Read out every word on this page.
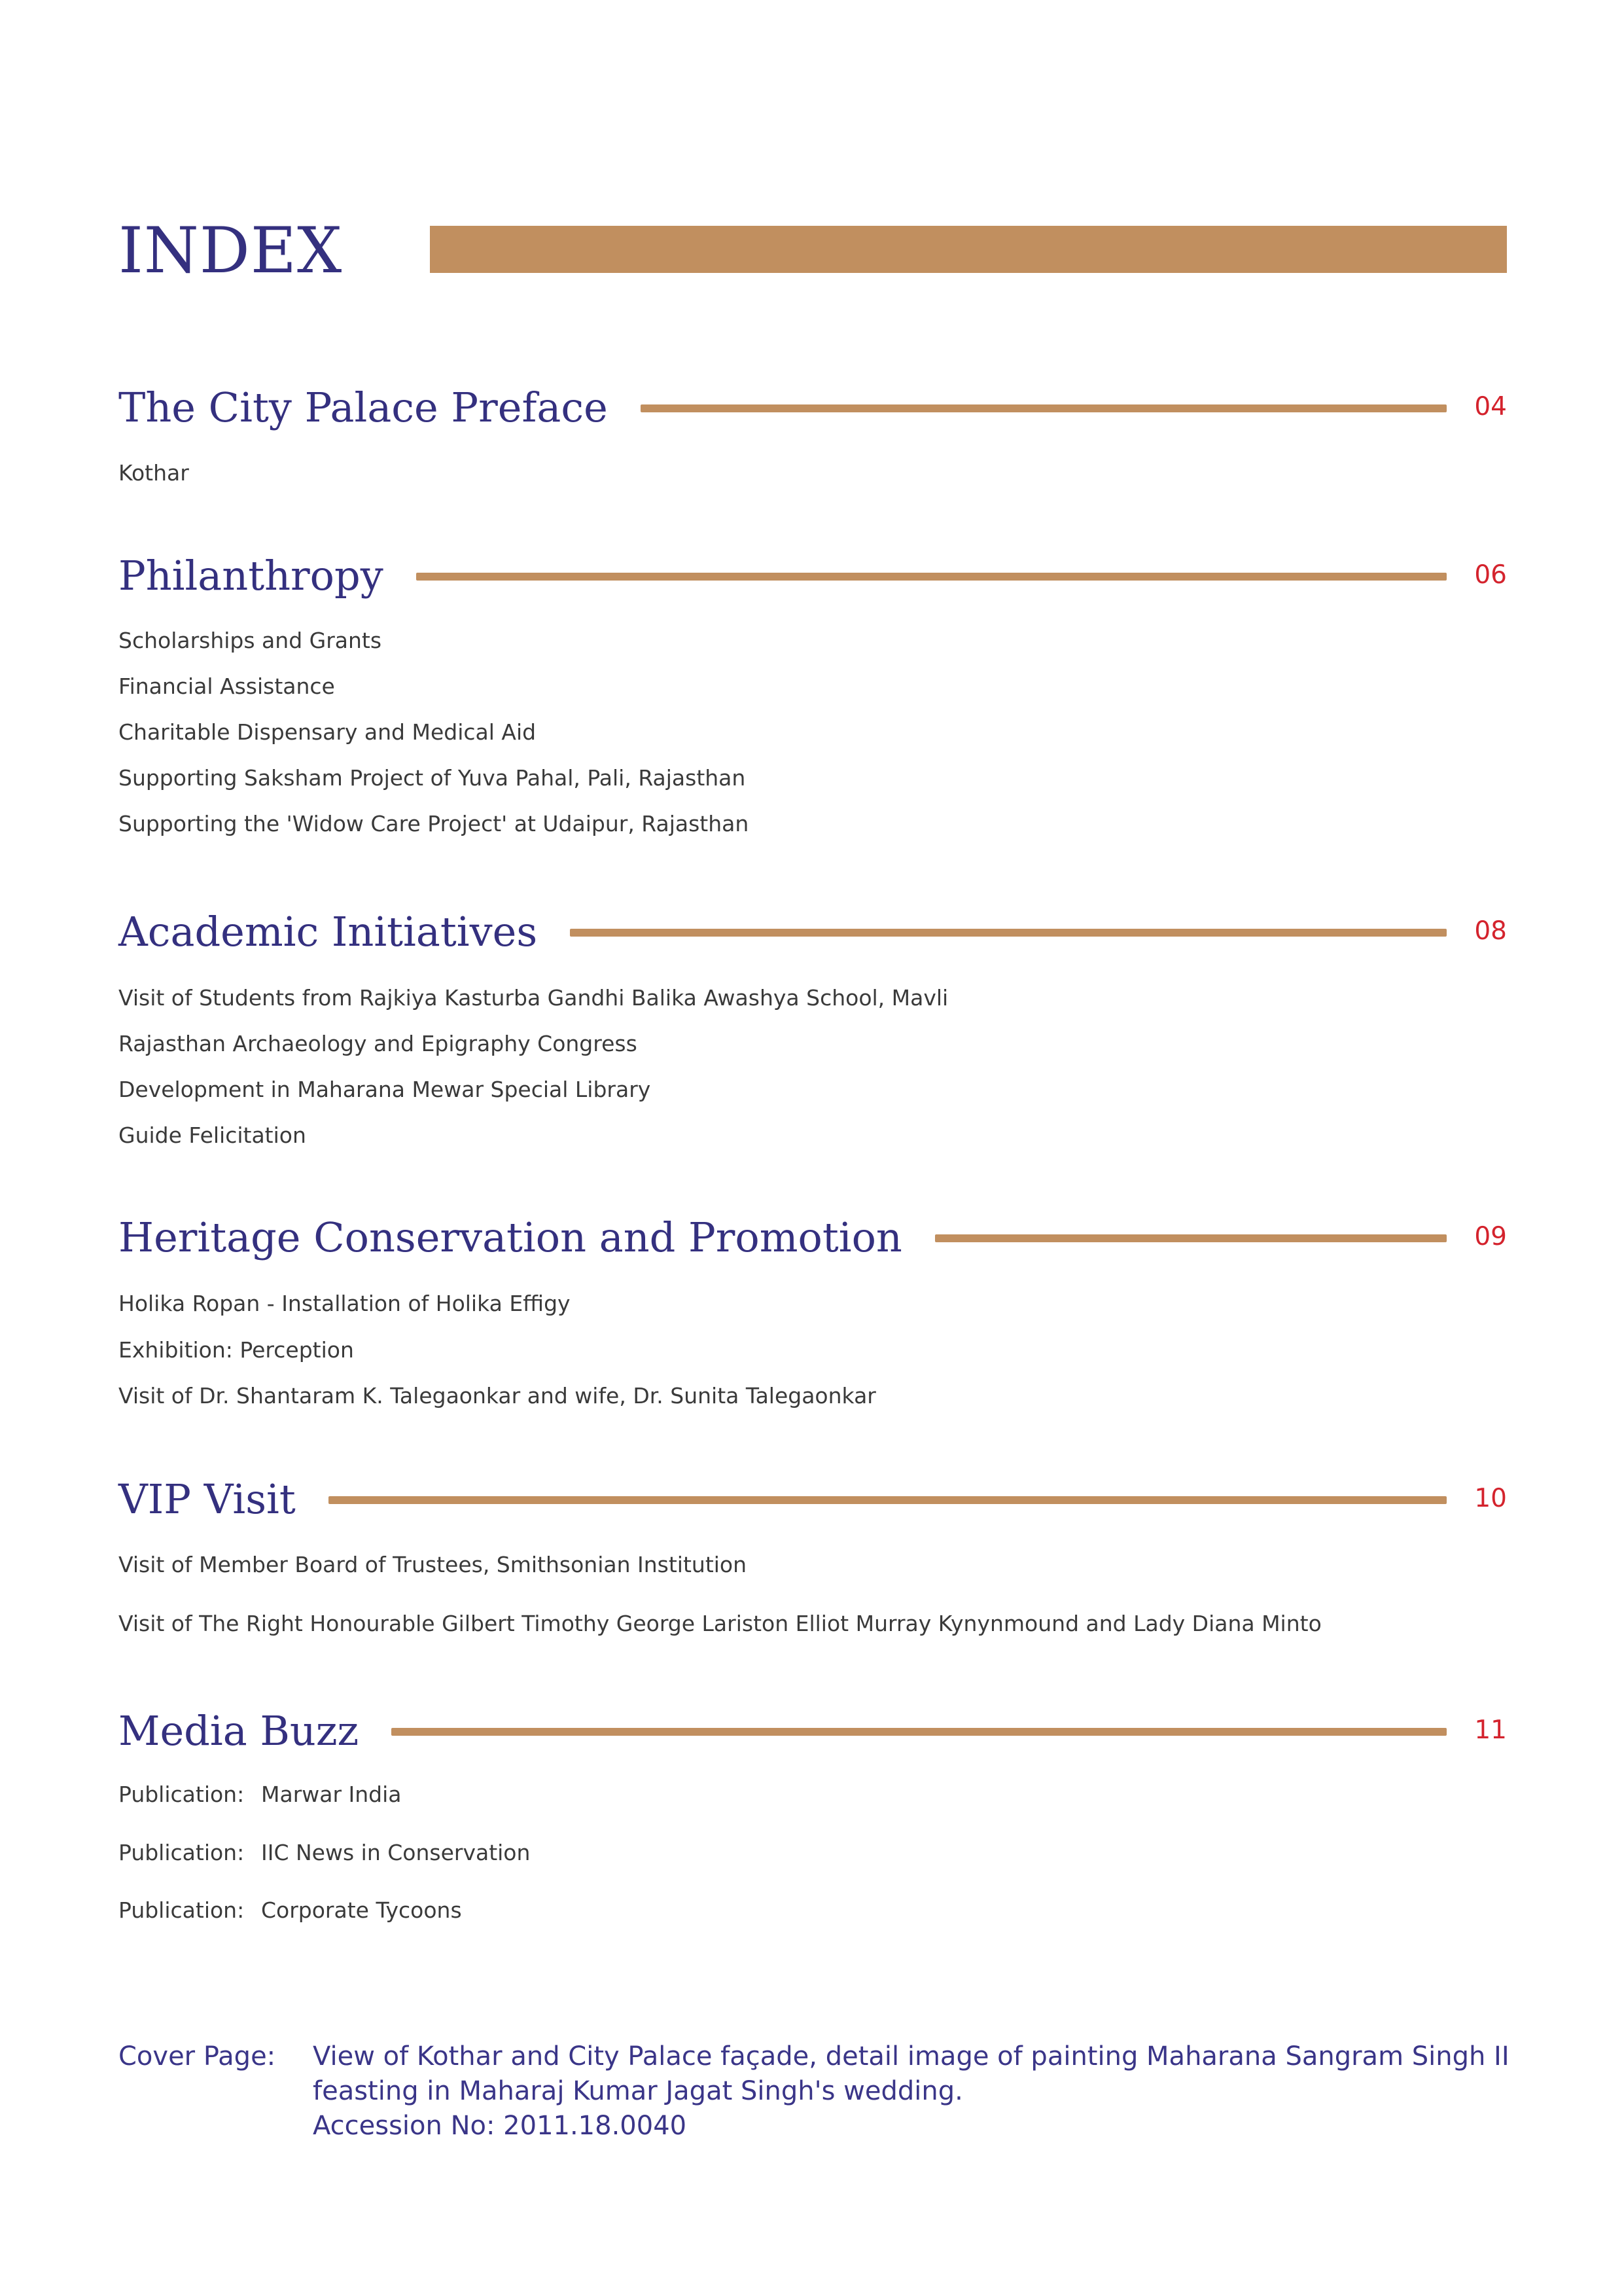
INDEX
The City Palace Preface	04
Kothar
Philanthropy	06
Scholarships and Grants
Financial Assistance
Charitable Dispensary and Medical Aid
Supporting Saksham Project of Yuva Pahal, Pali, Rajasthan
Supporting the 'Widow Care Project' at Udaipur, Rajasthan
Academic Initiatives	08
Visit of Students from Rajkiya Kasturba Gandhi Balika Awashya School, Mavli
Rajasthan Archaeology and Epigraphy Congress
Development in Maharana Mewar Special Library
Guide Felicitation
Heritage Conservation and Promotion	09
Holika Ropan - Installation of Holika Effigy
Exhibition: Perception
Visit of Dr. Shantaram K. Talegaonkar and wife, Dr. Sunita Talegaonkar
VIP Visit	10
Visit of Member Board of Trustees, Smithsonian Institution
Visit of The Right Honourable Gilbert Timothy George Lariston Elliot Murray Kynynmound and Lady Diana Minto
Media Buzz	11
Publication: Marwar India
Publication: IIC News in Conservation
Publication: Corporate Tycoons
Cover Page: View of Kothar and City Palace façade, detail image of painting Maharana Sangram Singh II feasting in Maharaj Kumar Jagat Singh's wedding.
Accession No: 2011.18.0040
